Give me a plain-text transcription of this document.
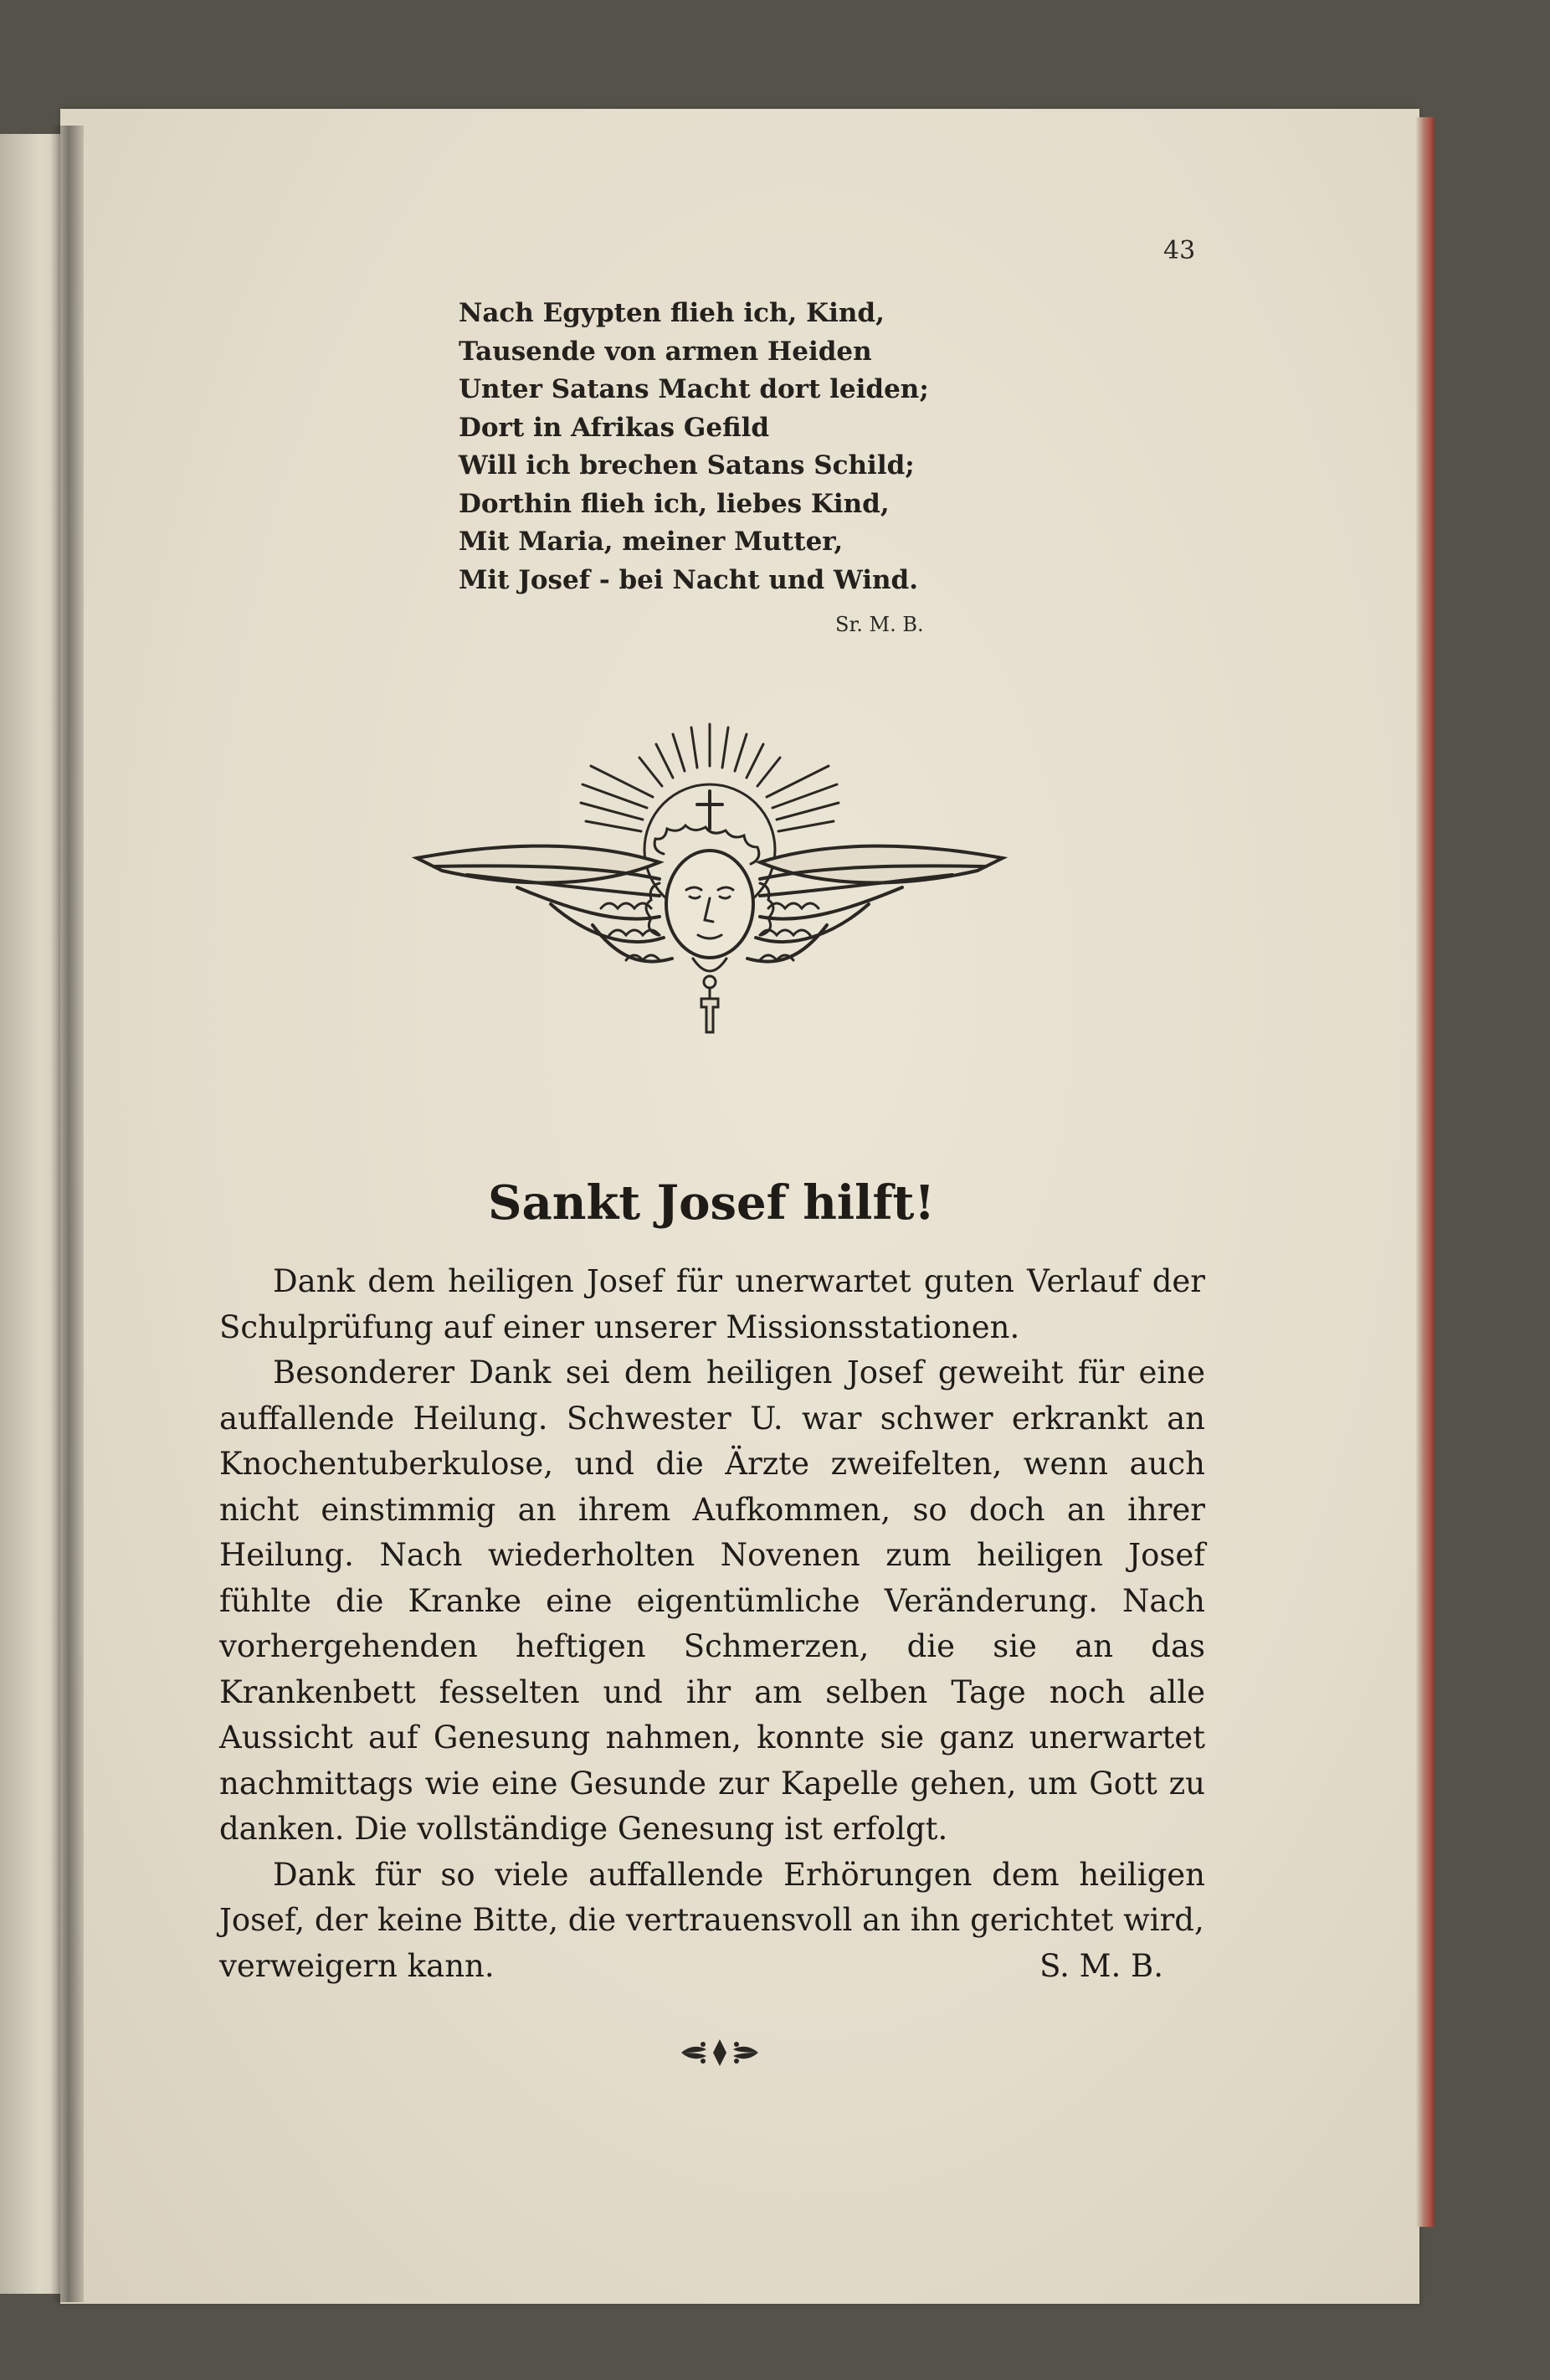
43
Nach Egypten flieh ich, Kind,
Tausende von armen Heiden
Unter Satans Macht dort leiden;
Dort in Afrikas Gefild
Will ich brechen Satans Schild;
Dorthin flieh ich, liebes Kind,
Mit Maria, meiner Mutter,
Mit Josef - bei Nacht und Wind.
Sr. M. B.
Sankt Josef hilft!

Dank dem heiligen Josef für unerwartet guten Verlauf der Schulprüfung auf einer unserer Missionsstationen.

Besonderer Dank sei dem heiligen Josef geweiht für eine auffallende Heilung. Schwester U. war schwer erkrankt an Knochentuberkulose, und die Ärzte zweifelten, wenn auch nicht einstimmig an ihrem Aufkommen, so doch an ihrer Heilung. Nach wiederholten Novenen zum heiligen Josef fühlte die Kranke eine eigentümliche Veränderung. Nach vorhergehenden heftigen Schmerzen, die sie an das Krankenbett fesselten und ihr am selben Tage noch alle Aussicht auf Genesung nahmen, konnte sie ganz unerwartet nachmittags wie eine Gesunde zur Kapelle gehen, um Gott zu danken. Die vollständige Genesung ist erfolgt.

Dank für so viele auffallende Erhörungen dem heiligen Josef, der keine Bitte, die vertrauensvoll an ihn gerichtet wird,

verweigern kann.	S. M. B.
